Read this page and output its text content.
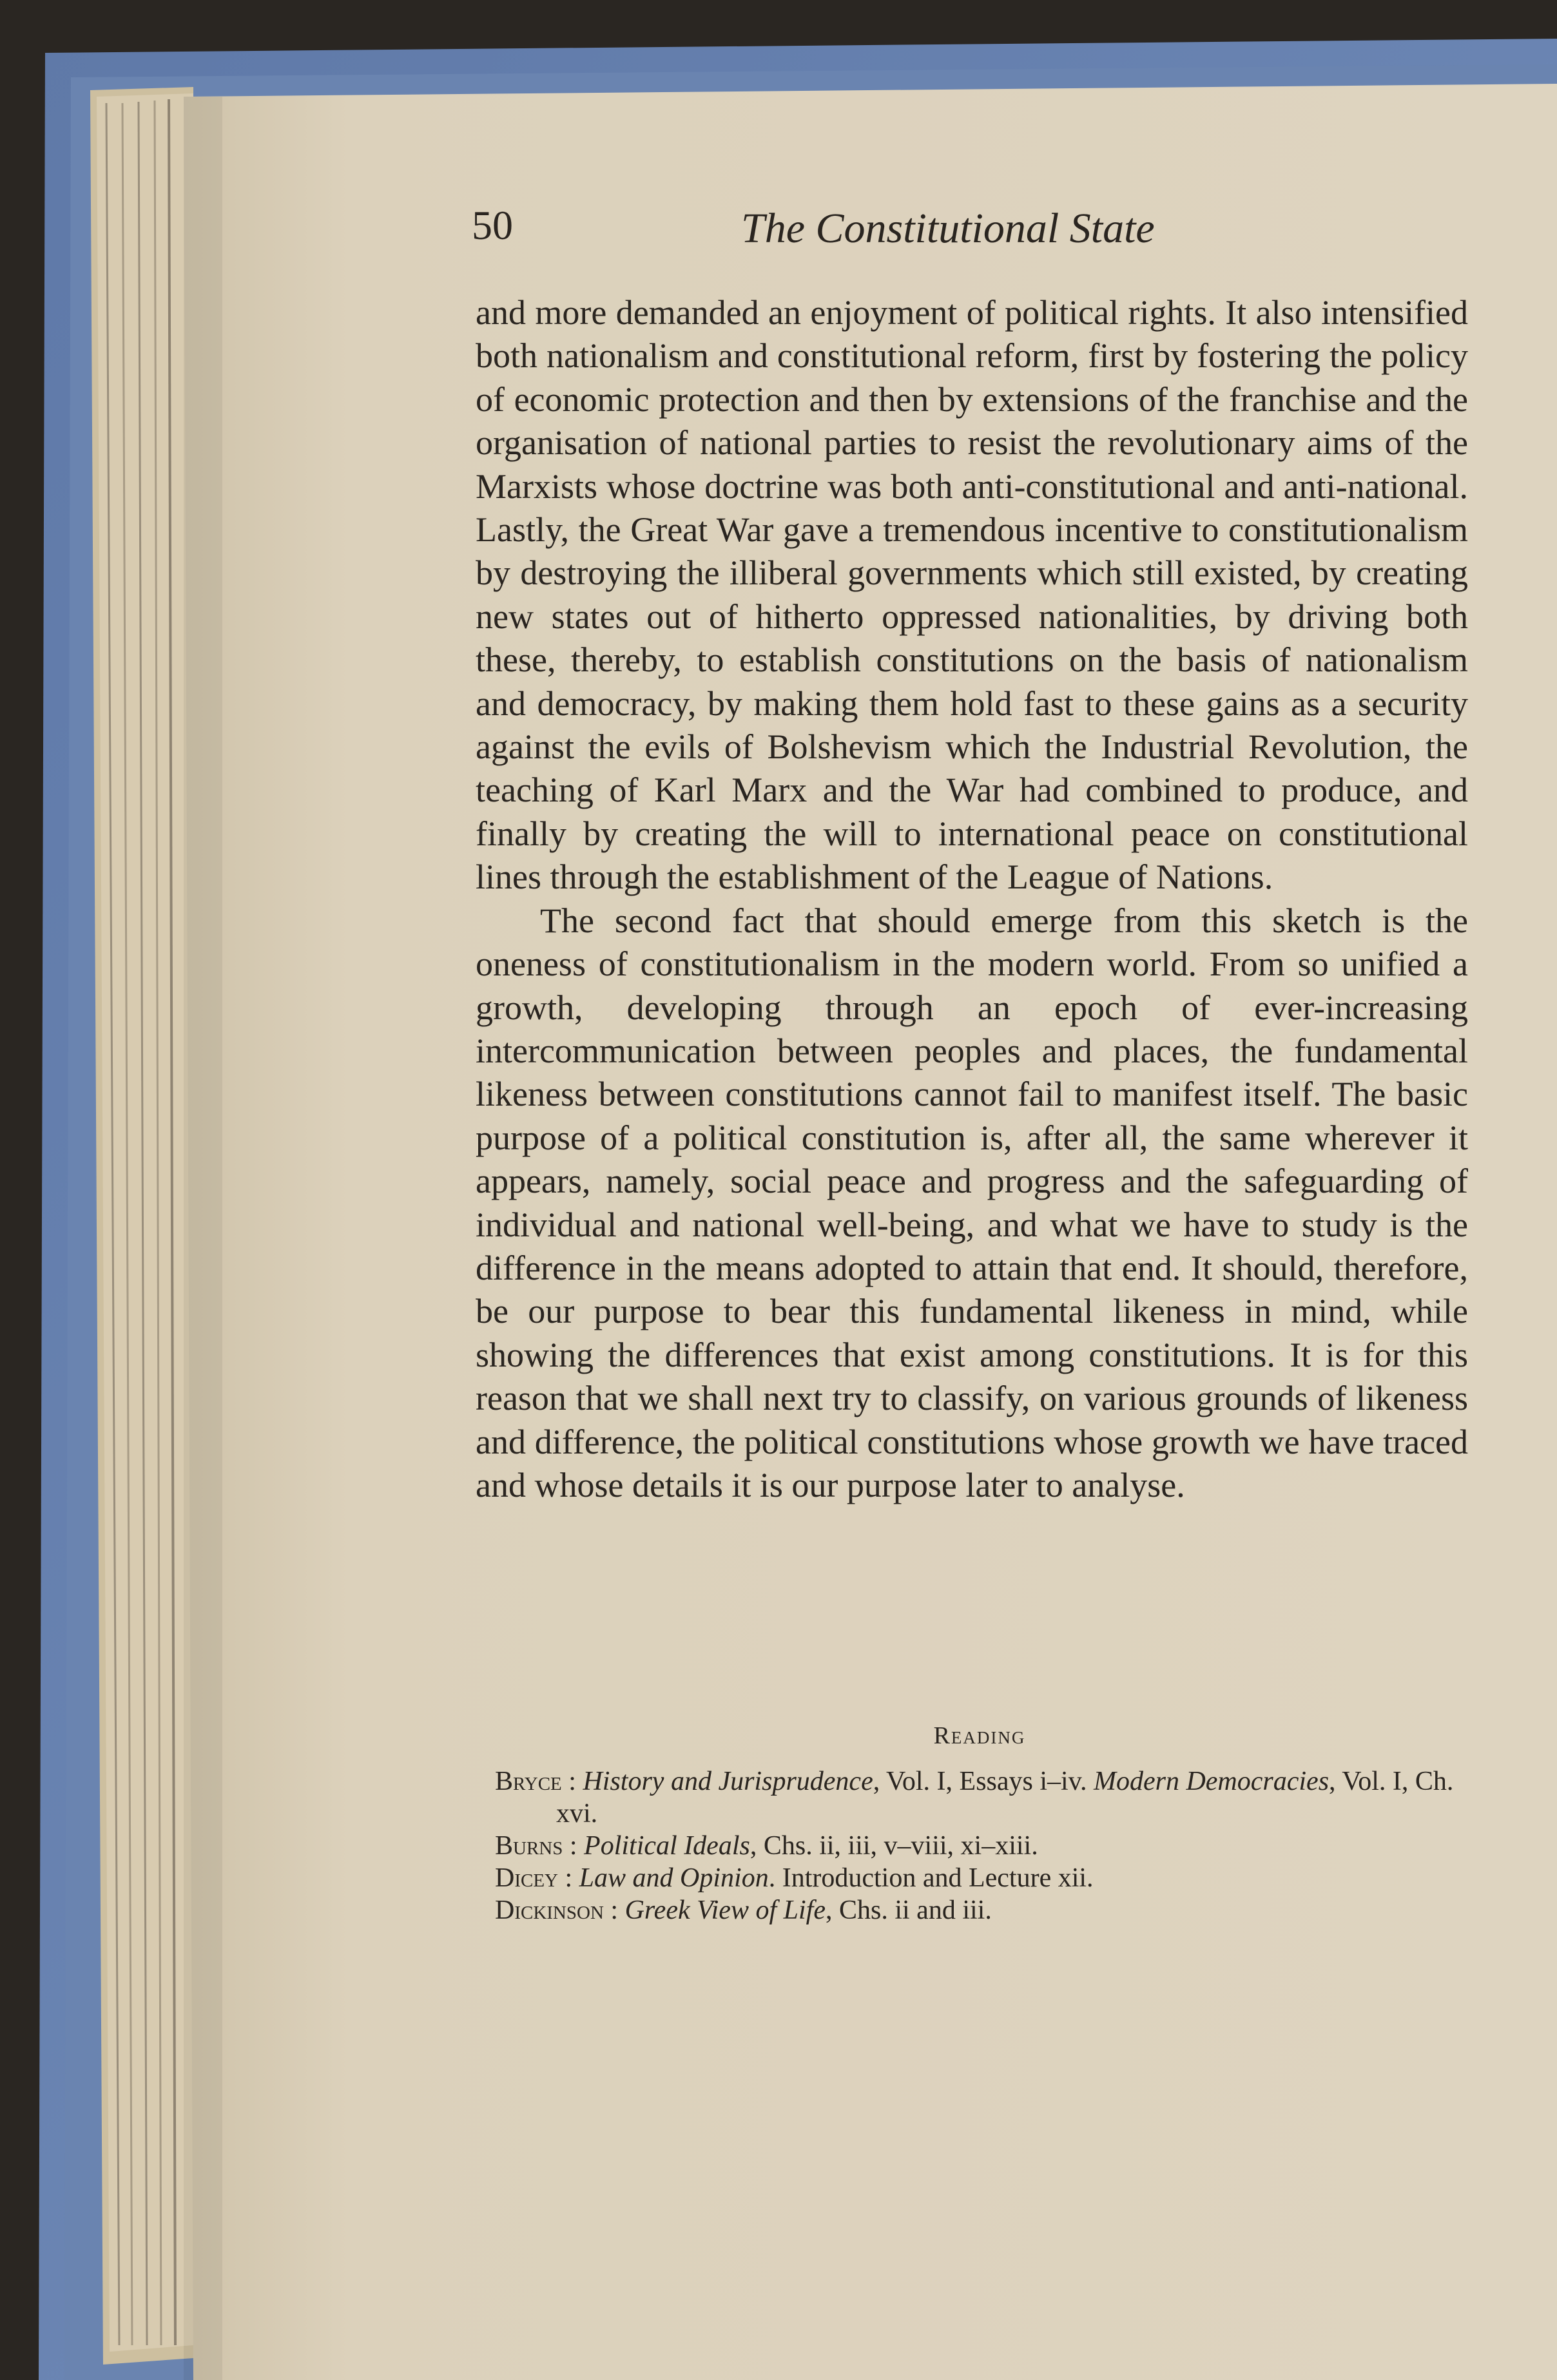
50	The Constitutional State

and more demanded an enjoyment of political rights. It also intensified both nationalism and constitutional reform, first by fostering the policy of economic protection and then by extensions of the franchise and the organisation of national parties to resist the revolutionary aims of the Marxists whose doctrine was both anti-constitutional and anti-national. Lastly, the Great War gave a tremendous incentive to constitutionalism by destroying the illiberal governments which still existed, by creating new states out of hitherto oppressed nationalities, by driving both these, thereby, to establish constitutions on the basis of nationalism and democracy, by making them hold fast to these gains as a security against the evils of Bolshevism which the Industrial Revolution, the teaching of Karl Marx and the War had combined to produce, and finally by creating the will to international peace on constitutional lines through the establishment of the League of Nations.

The second fact that should emerge from this sketch is the oneness of constitutionalism in the modern world. From so unified a growth, developing through an epoch of ever-increasing intercommunication between peoples and places, the fundamental likeness between constitutions cannot fail to manifest itself. The basic purpose of a political constitution is, after all, the same wherever it appears, namely, social peace and progress and the safeguarding of individual and national well-being, and what we have to study is the difference in the means adopted to attain that end. It should, therefore, be our purpose to bear this fundamental likeness in mind, while showing the differences that exist among constitutions. It is for this reason that we shall next try to classify, on various grounds of likeness and difference, the political constitutions whose growth we have traced and whose details it is our purpose later to analyse.

Reading
Bryce : History and Jurisprudence, Vol. I, Essays i–iv. Modern Democracies, Vol. I, Ch. xvi.
Burns : Political Ideals, Chs. ii, iii, v–viii, xi–xiii.
Dicey : Law and Opinion. Introduction and Lecture xii.
Dickinson : Greek View of Life, Chs. ii and iii.
